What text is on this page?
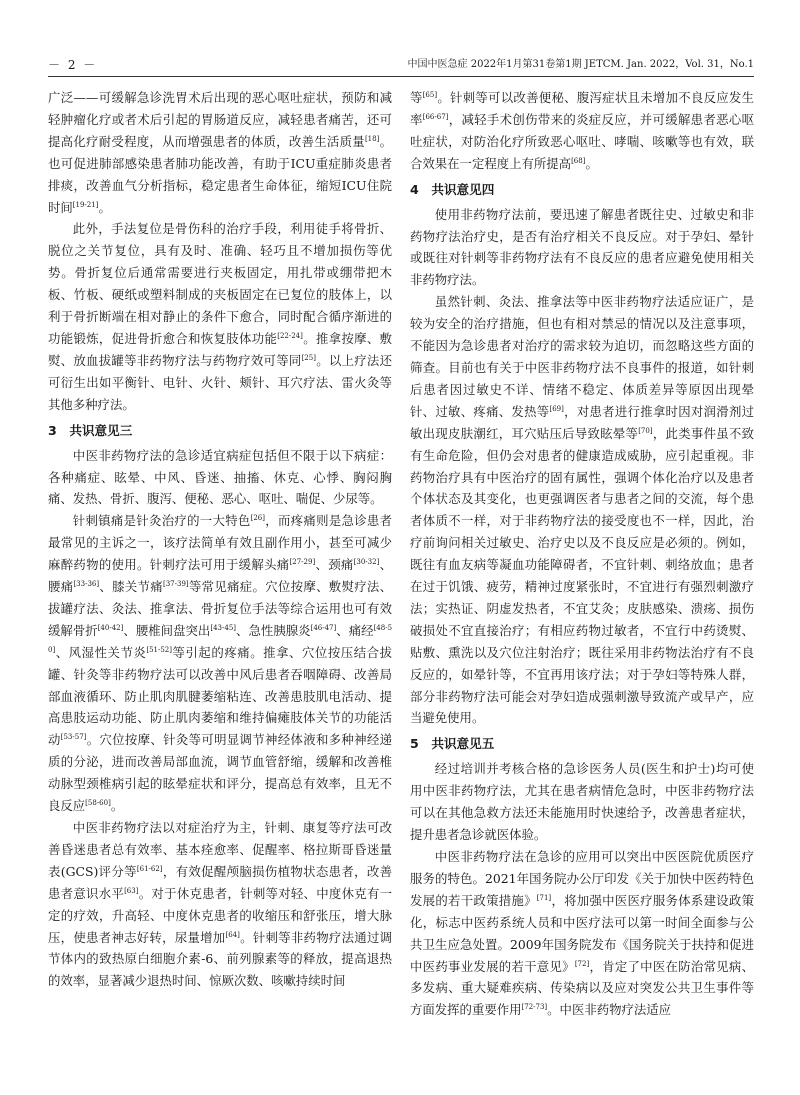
－ 2 －	中国中医急症 2022年1月第31卷第1期 JETCM. Jan. 2022，Vol. 31，No.1

广泛——可缓解急诊洗胃术后出现的恶心呕吐症状，预防和减轻肿瘤化疗或者术后引起的胃肠道反应，减轻患者痛苦，还可提高化疗耐受程度，从而增强患者的体质，改善生活质量[18]。也可促进肺部感染患者肺功能改善，有助于ICU重症肺炎患者排痰，改善血气分析指标，稳定患者生命体征，缩短ICU住院时间[19-21]。

此外，手法复位是骨伤科的治疗手段，利用徒手将骨折、脱位之关节复位，具有及时、准确、轻巧且不增加损伤等优势。骨折复位后通常需要进行夹板固定，用扎带或绷带把木板、竹板、硬纸或塑料制成的夹板固定在已复位的肢体上，以利于骨折断端在相对静止的条件下愈合，同时配合循序渐进的功能锻炼，促进骨折愈合和恢复肢体功能[22-24]。推拿按摩、敷熨、放血拔罐等非药物疗法与药物疗效可等同[25]。以上疗法还可衍生出如平衡针、电针、火针、颊针、耳穴疗法、雷火灸等其他多种疗法。

3　共识意见三

中医非药物疗法的急诊适宜病症包括但不限于以下病症：各种痛症、眩晕、中风、昏迷、抽搐、休克、心悸、胸闷胸痛、发热、骨折、腹泻、便秘、恶心、呕吐、喘促、少尿等。

针刺镇痛是针灸治疗的一大特色[26]，而疼痛则是急诊患者最常见的主诉之一，该疗法简单有效且副作用小，甚至可减少麻醉药物的使用。针刺疗法可用于缓解头痛[27-29]、颈痛[30-32]、腰痛[33-36]、膝关节痛[37-39]等常见痛症。穴位按摩、敷熨疗法、拔罐疗法、灸法、推拿法、骨折复位手法等综合运用也可有效缓解骨折[40-42]、腰椎间盘突出[43-45]、急性胰腺炎[46-47]、痛经[48-50]、风湿性关节炎[51-52]等引起的疼痛。推拿、穴位按压结合拔罐、针灸等非药物疗法可以改善中风后患者吞咽障碍、改善局部血液循环、防止肌肉肌腱萎缩粘连、改善患肢肌电活动、提高患肢运动功能、防止肌肉萎缩和维持偏瘫肢体关节的功能活动[53-57]。穴位按摩、针灸等可明显调节神经体液和多种神经递质的分泌，进而改善局部血流，调节血管舒缩，缓解和改善椎动脉型颈椎病引起的眩晕症状和评分，提高总有效率，且无不良反应[58-60]。

中医非药物疗法以对症治疗为主，针刺、康复等疗法可改善昏迷患者总有效率、基本痊愈率、促醒率、格拉斯哥昏迷量表(GCS)评分等[61-62]，有效促醒颅脑损伤植物状态患者，改善患者意识水平[63]。对于休克患者，针刺等对轻、中度休克有一定的疗效，升高轻、中度休克患者的收缩压和舒张压，增大脉压，使患者神志好转，尿量增加[64]。针刺等非药物疗法通过调节体内的致热原白细胞介素-6、前列腺素等的释放，提高退热的效率，显著减少退热时间、惊厥次数、咳嗽持续时间

等[65]。针刺等可以改善便秘、腹泻症状且未增加不良反应发生率[66-67]，减轻手术创伤带来的炎症反应，并可缓解患者恶心呕吐症状，对防治化疗所致恶心呕吐、哮喘、咳嗽等也有效，联合效果在一定程度上有所提高[68]。

4　共识意见四

使用非药物疗法前，要迅速了解患者既往史、过敏史和非药物疗法治疗史，是否有治疗相关不良反应。对于孕妇、晕针或既往对针刺等非药物疗法有不良反应的患者应避免使用相关非药物疗法。

虽然针刺、灸法、推拿法等中医非药物疗法适应证广，是较为安全的治疗措施，但也有相对禁忌的情况以及注意事项，不能因为急诊患者对治疗的需求较为迫切，而忽略这些方面的筛查。目前也有关于中医非药物疗法不良事件的报道，如针刺后患者因过敏史不详、情绪不稳定、体质差异等原因出现晕针、过敏、疼痛、发热等[69]，对患者进行推拿时因对润滑剂过敏出现皮肤潮红，耳穴贴压后导致眩晕等[70]，此类事件虽不致有生命危险，但仍会对患者的健康造成威胁，应引起重视。非药物治疗具有中医治疗的固有属性，强调个体化治疗以及患者个体状态及其变化，也更强调医者与患者之间的交流，每个患者体质不一样，对于非药物疗法的接受度也不一样，因此，治疗前询问相关过敏史、治疗史以及不良反应是必须的。例如，既往有血友病等凝血功能障碍者，不宜针刺、刺络放血；患者在过于饥饿、疲劳，精神过度紧张时，不宜进行有强烈刺激疗法；实热证、阴虚发热者，不宜艾灸；皮肤感染、溃疡、损伤破损处不宜直接治疗；有相应药物过敏者，不宜行中药烫熨、贴敷、熏洗以及穴位注射治疗；既往采用非药物法治疗有不良反应的，如晕针等，不宜再用该疗法；对于孕妇等特殊人群，部分非药物疗法可能会对孕妇造成强刺激导致流产或早产，应当避免使用。

5　共识意见五

经过培训并考核合格的急诊医务人员(医生和护士)均可使用中医非药物疗法，尤其在患者病情危急时，中医非药物疗法可以在其他急救方法还未能施用时快速给予，改善患者症状，提升患者急诊就医体验。

中医非药物疗法在急诊的应用可以突出中医医院优质医疗服务的特色。2021年国务院办公厅印发《关于加快中医药特色发展的若干政策措施》[71]，将加强中医医疗服务体系建设政策化，标志中医药系统人员和中医疗法可以第一时间全面参与公共卫生应急处置。2009年国务院发布《国务院关于扶持和促进中医药事业发展的若干意见》[72]，肯定了中医在防治常见病、多发病、重大疑难疾病、传染病以及应对突发公共卫生事件等方面发挥的重要作用[72-73]。中医非药物疗法适应
